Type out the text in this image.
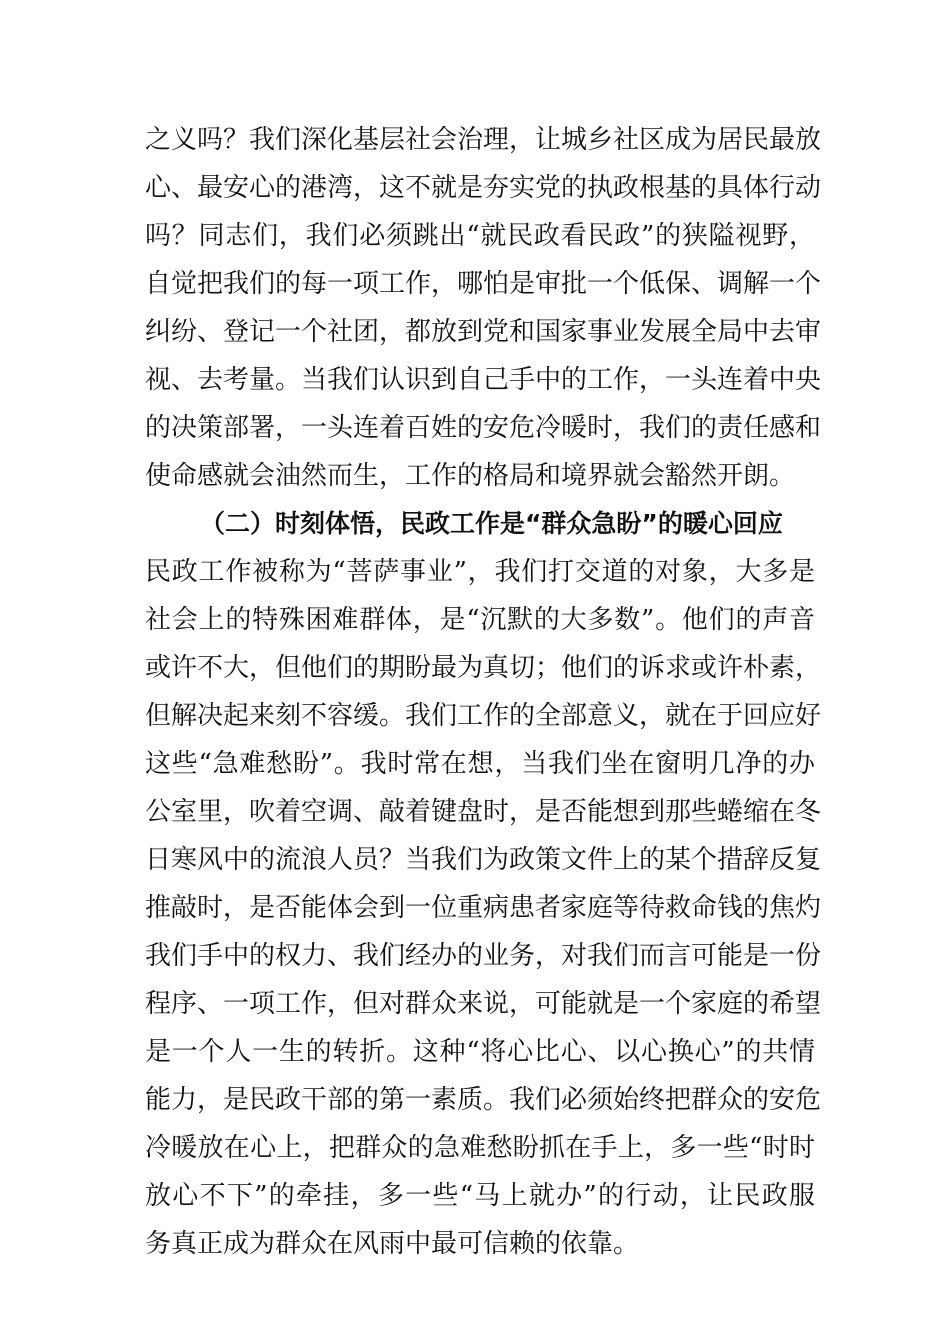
之义吗？我们深化基层社会治理，让城乡社区成为居民最放
心、最安心的港湾，这不就是夯实党的执政根基的具体行动
吗？同志们，我们必须跳出“就民政看民政”的狭隘视野，
自觉把我们的每一项工作，哪怕是审批一个低保、调解一个
纠纷、登记一个社团，都放到党和国家事业发展全局中去审
视、去考量。当我们认识到自己手中的工作，一头连着中央
的决策部署，一头连着百姓的安危冷暖时，我们的责任感和
使命感就会油然而生，工作的格局和境界就会豁然开朗。
（二）时刻体悟，民政工作是“群众急盼”的暖心回应
民政工作被称为“菩萨事业”，我们打交道的对象，大多是
社会上的特殊困难群体，是“沉默的大多数”。他们的声音
或许不大，但他们的期盼最为真切；他们的诉求或许朴素，
但解决起来刻不容缓。我们工作的全部意义，就在于回应好
这些“急难愁盼”。我时常在想，当我们坐在窗明几净的办
公室里，吹着空调、敲着键盘时，是否能想到那些蜷缩在冬
日寒风中的流浪人员？当我们为政策文件上的某个措辞反复
推敲时，是否能体会到一位重病患者家庭等待救命钱的焦灼
我们手中的权力、我们经办的业务，对我们而言可能是一份
程序、一项工作，但对群众来说，可能就是一个家庭的希望
是一个人一生的转折。这种“将心比心、以心换心”的共情
能力，是民政干部的第一素质。我们必须始终把群众的安危
冷暖放在心上，把群众的急难愁盼抓在手上，多一些“时时
放心不下”的牵挂，多一些“马上就办”的行动，让民政服
务真正成为群众在风雨中最可信赖的依靠。
